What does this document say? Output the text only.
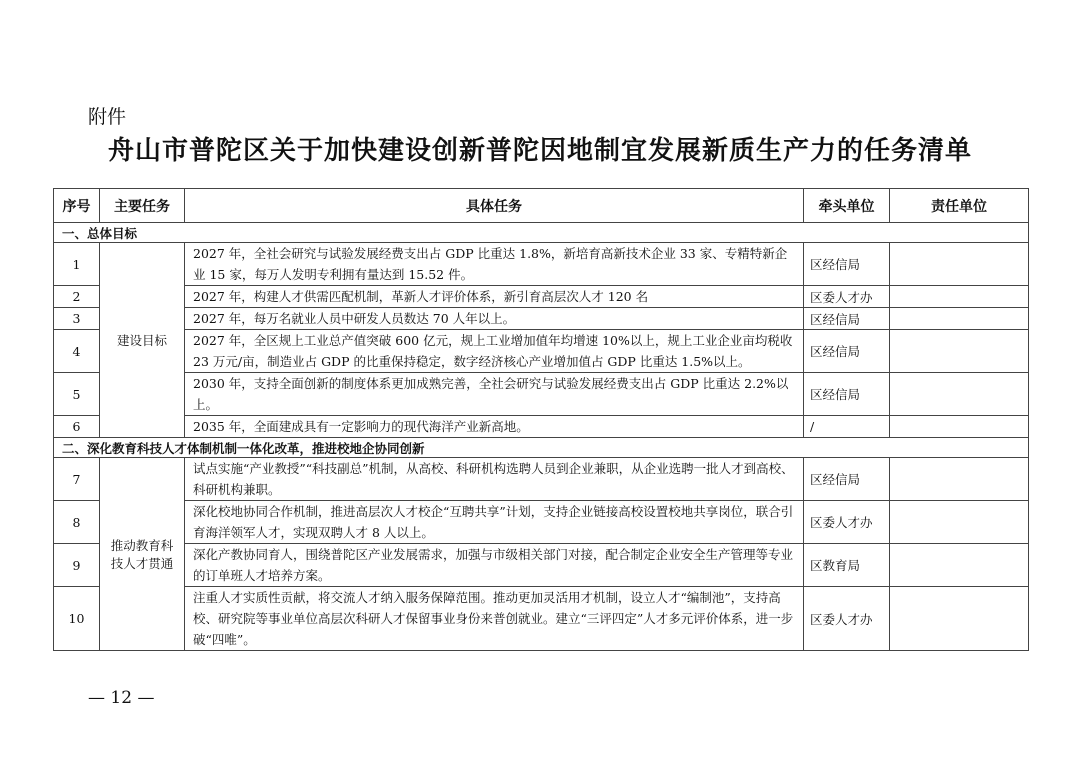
附件
舟山市普陀区关于加快建设创新普陀因地制宜发展新质生产力的任务清单
序号	主要任务	具体任务	牵头单位	责任单位
一、总体目标				
1	建设目标	2027 年，全社会研究与试验发展经费支出占 GDP 比重达 1.8%，新培育高新技术企业 33 家、专精特新企业 15 家，每万人发明专利拥有量达到 15.52 件。	区经信局	
2		2027 年，构建人才供需匹配机制，革新人才评价体系，新引育高层次人才 120 名	区委人才办	
3		2027 年，每万名就业人员中研发人员数达 70 人年以上。	区经信局	
4		2027 年，全区规上工业总产值突破 600 亿元，规上工业增加值年均增速 10%以上，规上工业企业亩均税收 23 万元/亩，制造业占 GDP 的比重保持稳定，数字经济核心产业增加值占 GDP 比重达 1.5%以上。	区经信局	
5		2030 年，支持全面创新的制度体系更加成熟完善，全社会研究与试验发展经费支出占 GDP 比重达 2.2%以上。	区经信局	
6		2035 年，全面建成具有一定影响力的现代海洋产业新高地。	/	
二、深化教育科技人才体制机制一体化改革，推进校地企协同创新				
7	推动教育科技人才贯通	试点实施“产业教授”“科技副总”机制，从高校、科研机构选聘人员到企业兼职，从企业选聘一批人才到高校、科研机构兼职。	区经信局	
8		深化校地协同合作机制，推进高层次人才校企“互聘共享”计划，支持企业链接高校设置校地共享岗位，联合引育海洋领军人才，实现双聘人才 8 人以上。	区委人才办	
9		深化产教协同育人，围绕普陀区产业发展需求，加强与市级相关部门对接，配合制定企业安全生产管理等专业的订单班人才培养方案。	区教育局	
10		注重人才实质性贡献，将交流人才纳入服务保障范围。推动更加灵活用才机制，设立人才“编制池”，支持高校、研究院等事业单位高层次科研人才保留事业身份来普创就业。建立“三评四定”人才多元评价体系，进一步破“四唯”。	区委人才办	
— 12 —
